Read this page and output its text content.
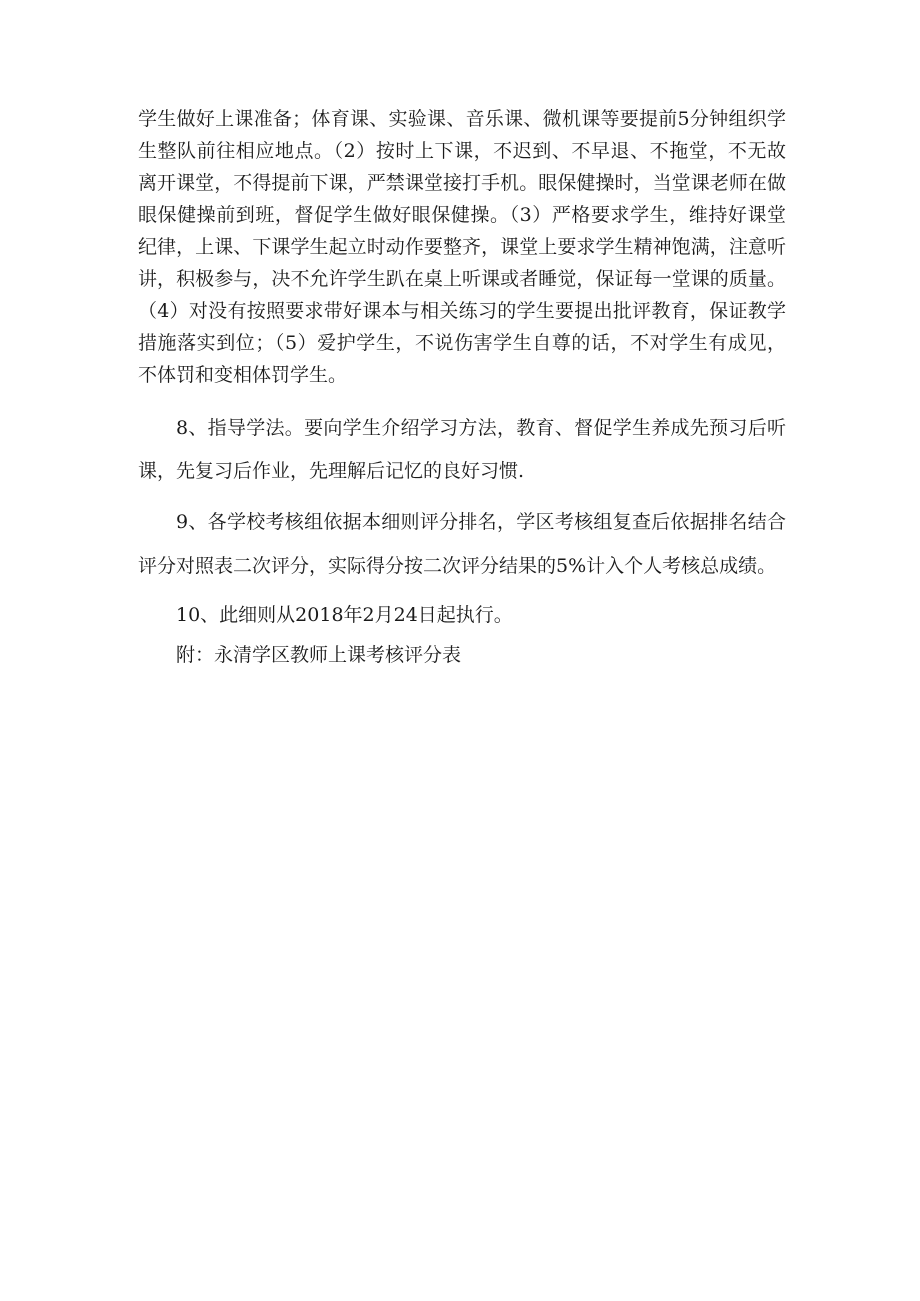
学生做好上课准备；体育课、实验课、音乐课、微机课等要提前5分钟组织学生整队前往相应地点。（2）按时上下课，不迟到、不早退、不拖堂，不无故离开课堂，不得提前下课，严禁课堂接打手机。眼保健操时，当堂课老师在做眼保健操前到班，督促学生做好眼保健操。（3）严格要求学生，维持好课堂纪律，上课、下课学生起立时动作要整齐，课堂上要求学生精神饱满，注意听讲，积极参与，决不允许学生趴在桌上听课或者睡觉，保证每一堂课的质量。（4）对没有按照要求带好课本与相关练习的学生要提出批评教育，保证教学措施落实到位；（5）爱护学生，不说伤害学生自尊的话，不对学生有成见，不体罚和变相体罚学生。

8、指导学法。要向学生介绍学习方法，教育、督促学生养成先预习后听课，先复习后作业，先理解后记忆的良好习惯.

9、各学校考核组依据本细则评分排名，学区考核组复查后依据排名结合评分对照表二次评分，实际得分按二次评分结果的5%计入个人考核总成绩。

10、此细则从2018年2月24日起执行。

附：永清学区教师上课考核评分表
